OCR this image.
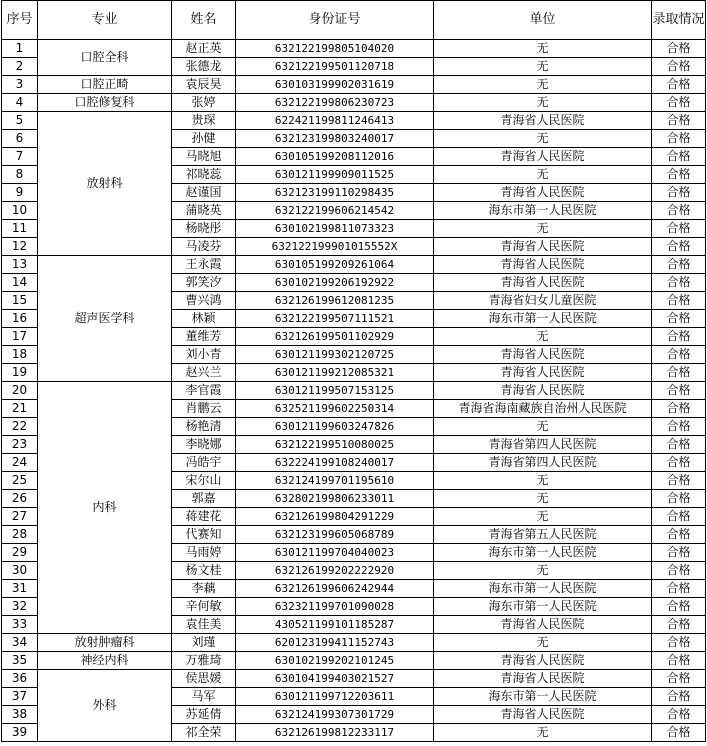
序号	专业	姓名	身份证号	单位	录取情况
1	口腔全科	赵正英	632122199805104020	无	合格
2		张德龙	632122199501120718	无	合格
3	口腔正畸	袁辰昊	630103199902031619	无	合格
4	口腔修复科	张婷	632122199806230723	无	合格
5	放射科	贵琛	622421199811246413	青海省人民医院	合格
6		孙健	632123199803240017	无	合格
7		马晓旭	630105199208112016	青海省人民医院	合格
8		祁晓蕊	630121199909011525	无	合格
9		赵谨国	632123199110298435	青海省人民医院	合格
10		蒲晓英	632122199606214542	海东市第一人民医院	合格
11		杨晓彤	630102199811073323	无	合格
12		马凌芬	632122199901015552X	青海省人民医院	合格
13	超声医学科	王永霞	630105199209261064	青海省人民医院	合格
14		郭笑汐	630102199206192922	青海省人民医院	合格
15		曹兴鸿	632126199612081235	青海省妇女儿童医院	合格
16		林颖	632122199507111521	海东市第一人民医院	合格
17		董维芳	632126199501102929	无	合格
18		刘小青	630121199302120725	青海省人民医院	合格
19		赵兴兰	630121199212085321	青海省人民医院	合格
20	内科	李官霞	630121199507153125	青海省人民医院	合格
21		肖鹏云	632521199602250314	青海省海南藏族自治州人民医院	合格
22		杨艳清	630121199603247826	无	合格
23		李晓娜	632122199510080025	青海省第四人民医院	合格
24		冯皓宇	632224199108240017	青海省第四人民医院	合格
25		宋尔山	632124199701195610	无	合格
26		郭嘉	632802199806233011	无	合格
27		蒋建花	632126199804291229	无	合格
28		代赛知	632123199605068789	青海省第五人民医院	合格
29		马雨婷	630121199704040023	海东市第一人民医院	合格
30		杨文桂	632126199202222920	无	合格
31		李藕	632126199606242944	海东市第一人民医院	合格
32		辛何敏	632321199701090028	海东市第一人民医院	合格
33		袁佳美	430521199101185287	青海省人民医院	合格
34	放射肿瘤科	刘瑾	620123199411152743	无	合格
35	神经内科	万雅琦	630102199202101245	青海省人民医院	合格
36	外科	侯思媛	630104199403021527	青海省人民医院	合格
37		马军	630121199712203611	海东市第一人民医院	合格
38		苏延倩	632124199307301729	青海省人民医院	合格
39		祁全荣	632126199812233117	无	合格
